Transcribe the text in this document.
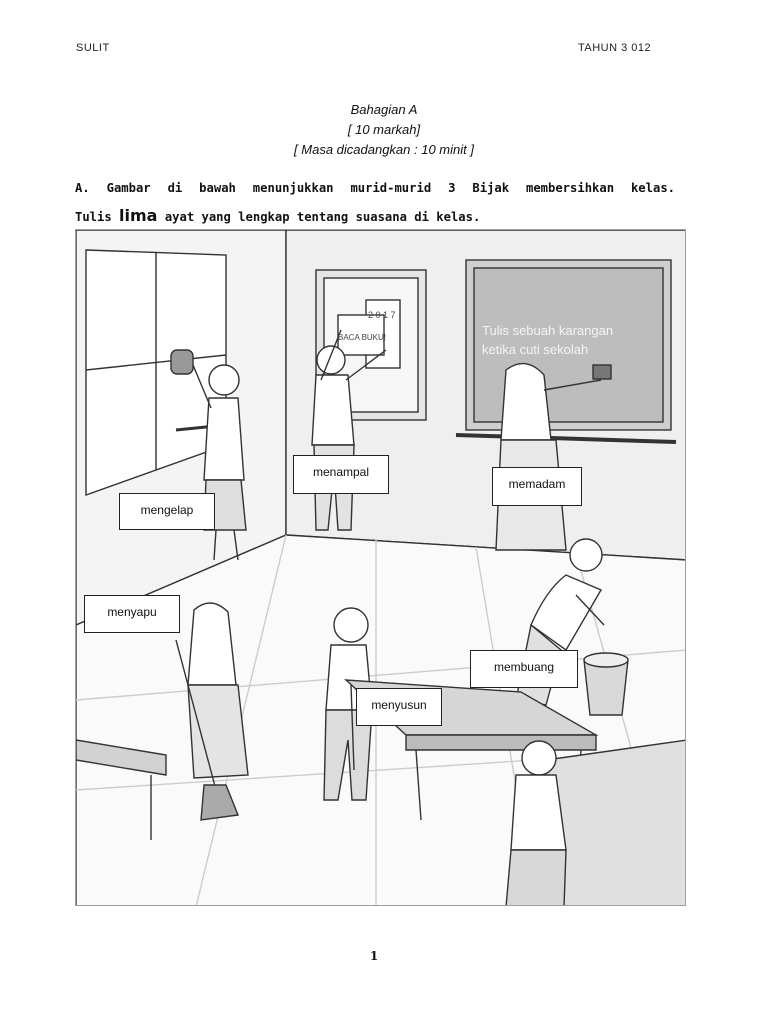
SULIT	TAHUN 3 012
Bahagian A
[ 10 markah]
[ Masa dicadangkan : 10 minit ]
A. Gambar di bawah menunjukkan murid-murid 3 Bijak membersihkan kelas.
Tulis lima ayat yang lengkap tentang suasana di kelas.
BACA BUKU!
2 0 1 7
Tulis sebuah karangan
ketika cuti sekolah
menampal
memadam
mengelap
menyapu
membuang
menyusun
1
